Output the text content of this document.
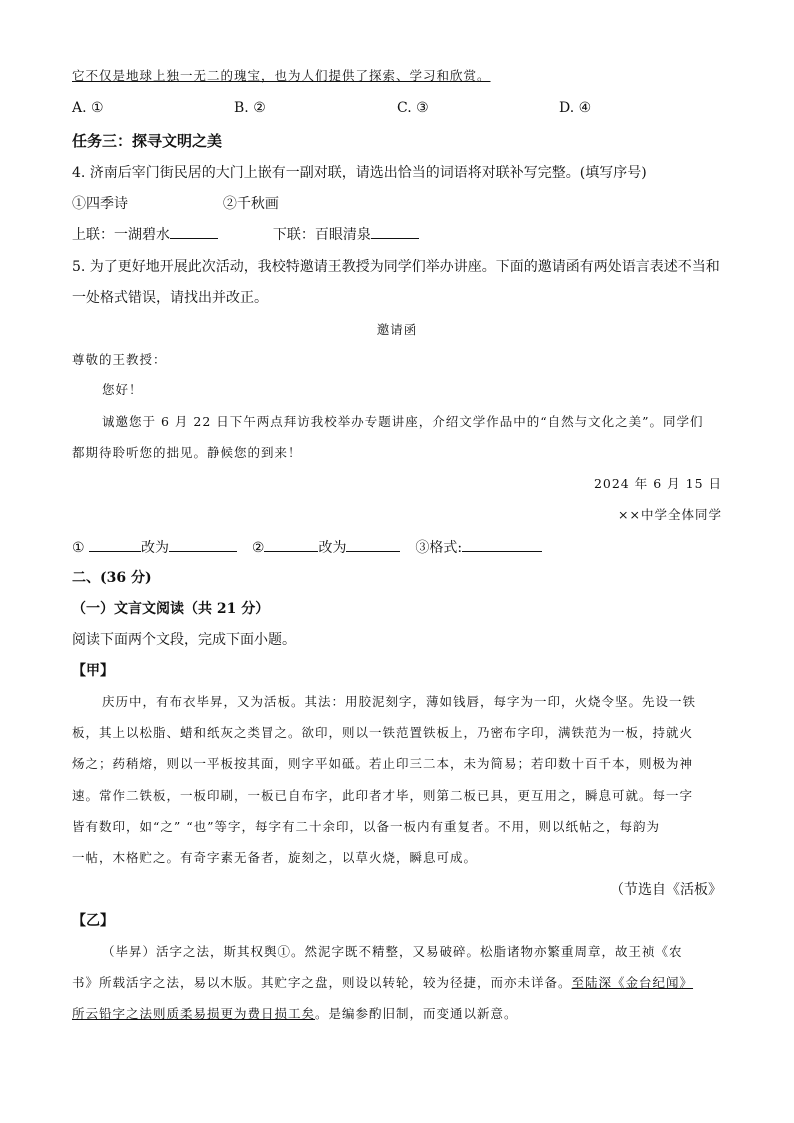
它不仅是地球上独一无二的瑰宝，也为人们提供了探索、学习和欣赏。
A. ①	B. ②	C. ③	D. ④
任务三：探寻文明之美
4. 济南后宰门街民居的大门上嵌有一副对联，请选出恰当的词语将对联补写完整。(填写序号)
①四季诗	②千秋画
上联：一湖碧水	下联：百眼清泉
5. 为了更好地开展此次活动，我校特邀请王教授为同学们举办讲座。下面的邀请函有两处语言表述不当和
一处格式错误，请找出并改正。
邀请函
尊敬的王教授：
您好！
诚邀您于 6 月 22 日下午两点拜访我校举办专题讲座，介绍文学作品中的“自然与文化之美”。同学们
都期待聆听您的拙见。静候您的到来！
2024 年 6 月 15 日
××中学全体同学
①	改为	②	改为	③格式:
二、(36 分)
（一）文言文阅读（共 21 分）
阅读下面两个文段，完成下面小题。
【甲】
庆历中，有布衣毕昇，又为活板。其法：用胶泥刻字，薄如钱唇，每字为一印，火烧令坚。先设一铁
板，其上以松脂、蜡和纸灰之类冒之。欲印，则以一铁范置铁板上，乃密布字印，满铁范为一板，持就火
炀之；药稍熔，则以一平板按其面，则字平如砥。若止印三二本，未为简易；若印数十百千本，则极为神
速。常作二铁板，一板印刷，一板已自布字，此印者才毕，则第二板已具，更互用之，瞬息可就。每一字
皆有数印，如“之” “也”等字，每字有二十余印，以备一板内有重复者。不用，则以纸帖之，每韵为
一帖，木格贮之。有奇字素无备者，旋刻之，以草火烧，瞬息可成。
（节选自《活板》
【乙】
（毕昇）活字之法，斯其权舆①。然泥字既不精整，又易破碎。松脂诸物亦繁重周章，故王祯《农
书》所载活字之法，易以木版。其贮字之盘，则设以转轮，较为径捷，而亦未详备。至陆深《金台纪闻》
所云铅字之法则质柔易损更为费日损工矣。是编参酌旧制，而变通以新意。
